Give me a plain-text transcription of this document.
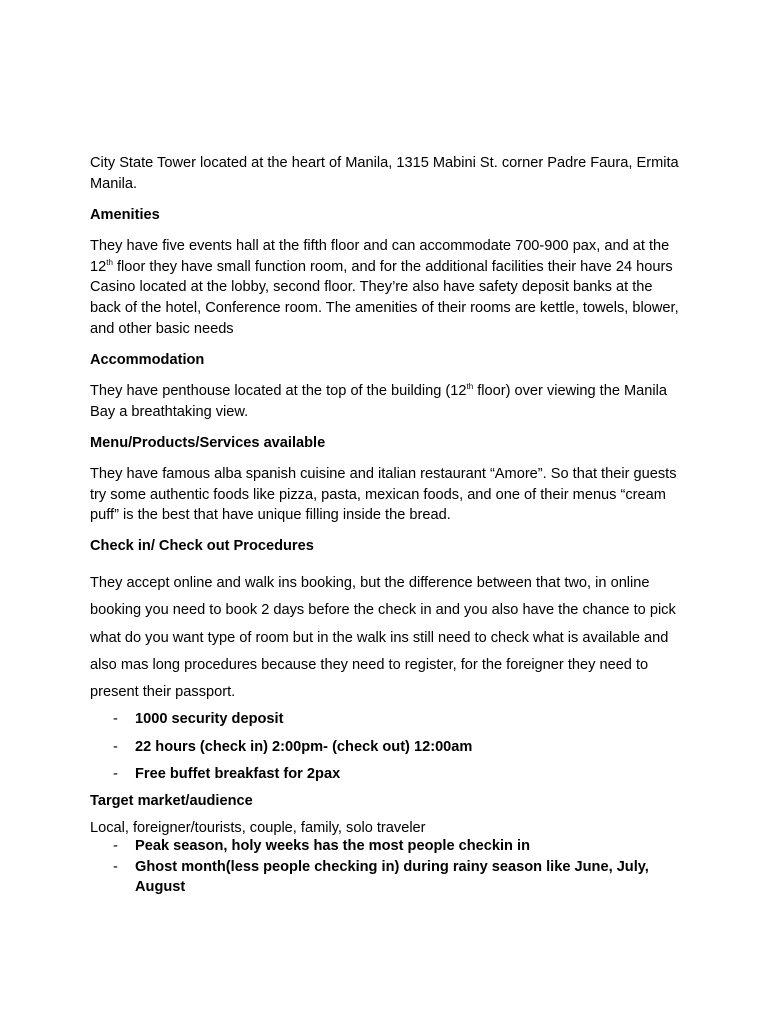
City State Tower located at the heart of Manila, 1315 Mabini St. corner Padre Faura, Ermita Manila.

Amenities

They have five events hall at the fifth floor and can accommodate 700-900 pax, and at the 12th floor they have small function room, and for the additional facilities their have 24 hours Casino located at the lobby, second floor. They’re also have safety deposit banks at the back of the hotel, Conference room. The amenities of their rooms are kettle, towels, blower, and other basic needs

Accommodation

They have penthouse located at the top of the building (12th floor) over viewing the Manila Bay a breathtaking view.

Menu/Products/Services available

They have famous alba spanish cuisine and italian restaurant “Amore”. So that their guests try some authentic foods like pizza, pasta, mexican foods, and one of their menus “cream puff” is the best that have unique filling inside the bread.

Check in/ Check out Procedures

They accept online and walk ins booking, but the difference between that two, in online booking you need to book 2 days before the check in and you also have the chance to pick what do you want type of room but in the walk ins still need to check what is available and also mas long procedures because they need to register, for the foreigner they need to present their passport.

- 1000 security deposit
- 22 hours (check in) 2:00pm- (check out) 12:00am
- Free buffet breakfast for 2pax

Target market/audience

Local, foreigner/tourists, couple, family, solo traveler

- Peak season, holy weeks has the most people checkin in
- Ghost month(less people checking in) during rainy season like June, July, August
